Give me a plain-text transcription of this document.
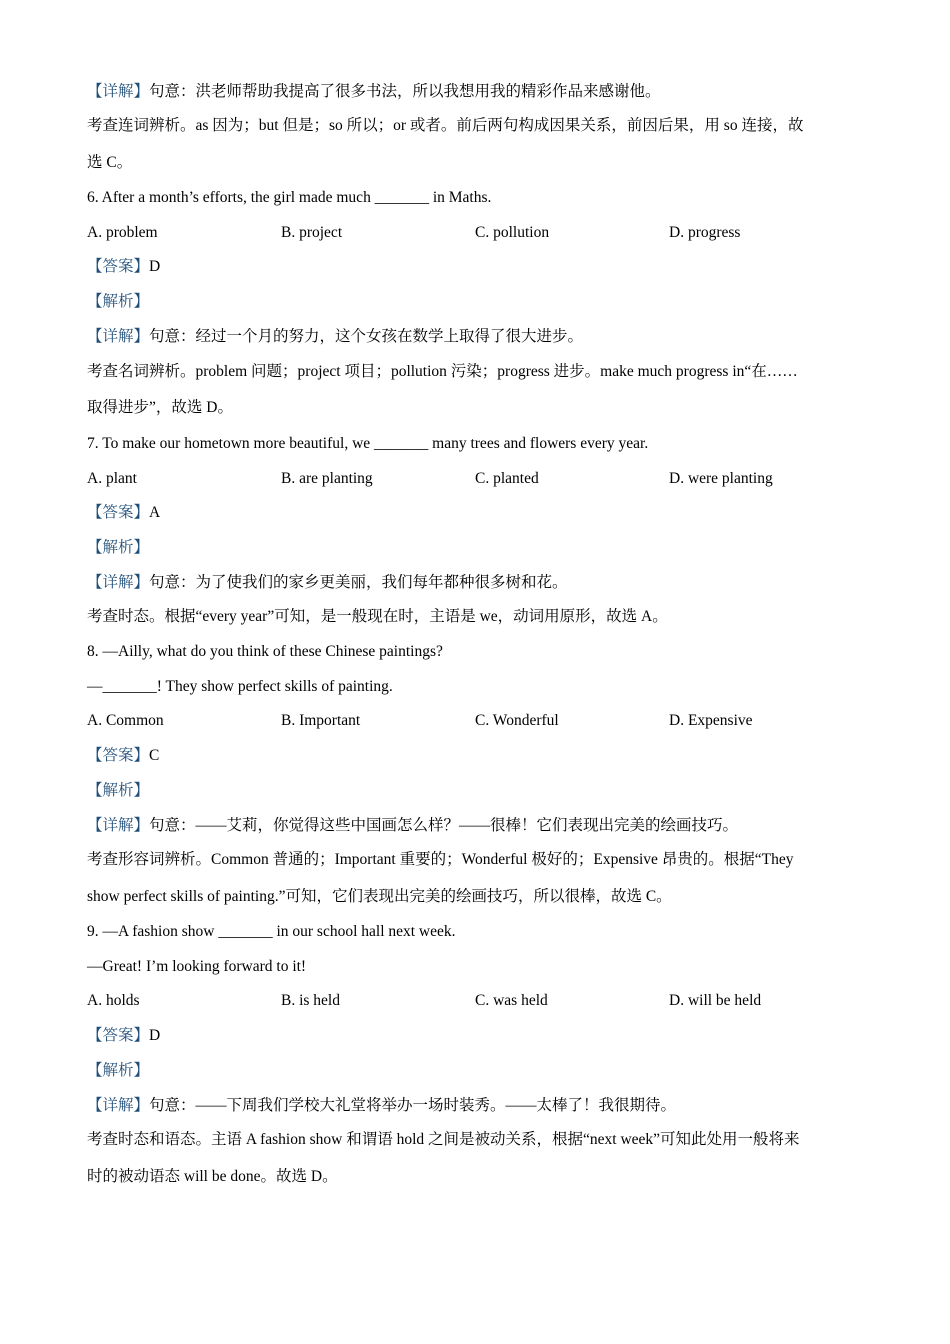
【详解】句意：洪老师帮助我提高了很多书法，所以我想用我的精彩作品来感谢他。
考查连词辨析。as 因为；but 但是；so 所以；or 或者。前后两句构成因果关系，前因后果，用 so 连接，故
选 C。
6. After a month’s efforts, the girl made much _______ in Maths.
A. problem	B. project	C. pollution	D. progress
【答案】D
【解析】
【详解】句意：经过一个月的努力，这个女孩在数学上取得了很大进步。
考查名词辨析。problem 问题；project 项目；pollution 污染；progress 进步。make much progress in“在……
取得进步”，故选 D。
7. To make our hometown more beautiful, we _______ many trees and flowers every year.
A. plant	B. are planting	C. planted	D. were planting
【答案】A
【解析】
【详解】句意：为了使我们的家乡更美丽，我们每年都种很多树和花。
考查时态。根据“every year”可知，是一般现在时，主语是 we，动词用原形，故选 A。
8. —Ailly, what do you think of these Chinese paintings?
—_______! They show perfect skills of painting.
A. Common	B. Important	C. Wonderful	D. Expensive
【答案】C
【解析】
【详解】句意：——艾莉，你觉得这些中国画怎么样？——很棒！它们表现出完美的绘画技巧。
考查形容词辨析。Common 普通的；Important 重要的；Wonderful 极好的；Expensive 昂贵的。根据“They
show perfect skills of painting.”可知，它们表现出完美的绘画技巧，所以很棒，故选 C。
9. —A fashion show _______ in our school hall next week.
—Great! I’m looking forward to it!
A. holds	B. is held	C. was held	D. will be held
【答案】D
【解析】
【详解】句意：——下周我们学校大礼堂将举办一场时装秀。——太棒了！我很期待。
考查时态和语态。主语 A fashion show 和谓语 hold 之间是被动关系，根据“next week”可知此处用一般将来
时的被动语态 will be done。故选 D。
